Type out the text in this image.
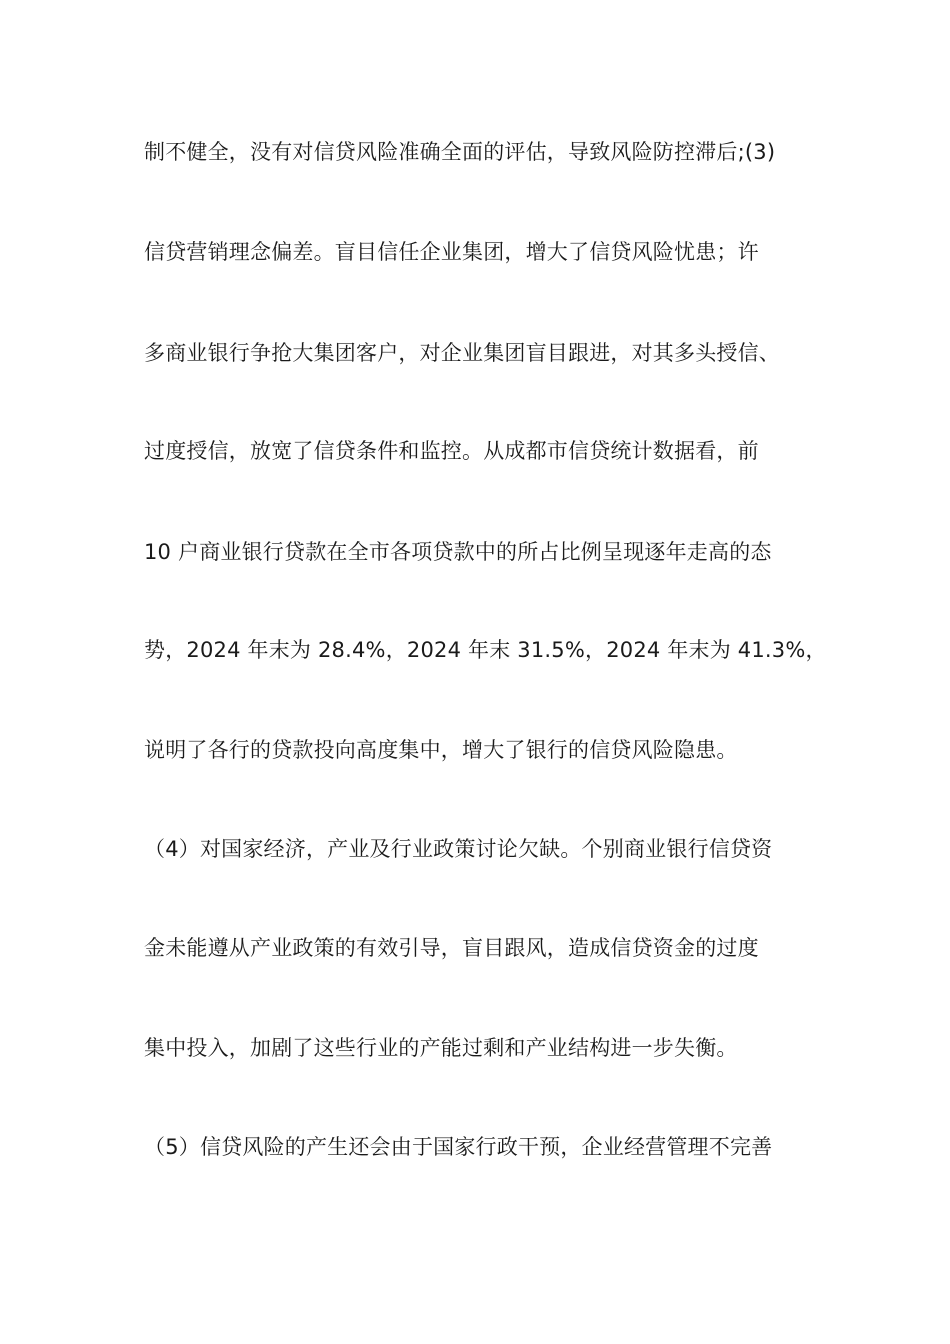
制不健全，没有对信贷风险准确全面的评估，导致风险防控滞后;(3)
信贷营销理念偏差。盲目信任企业集团，增大了信贷风险忧患；许
多商业银行争抢大集团客户，对企业集团盲目跟进，对其多头授信、
过度授信，放宽了信贷条件和监控。从成都市信贷统计数据看，前
10 户商业银行贷款在全市各项贷款中的所占比例呈现逐年走高的态
势，2024 年末为 28.4%，2024 年末 31.5%，2024 年末为 41.3%，
说明了各行的贷款投向高度集中，增大了银行的信贷风险隐患。
（4）对国家经济，产业及行业政策讨论欠缺。个别商业银行信贷资
金未能遵从产业政策的有效引导，盲目跟风，造成信贷资金的过度
集中投入，加剧了这些行业的产能过剩和产业结构进一步失衡。
（5）信贷风险的产生还会由于国家行政干预，企业经营管理不完善
